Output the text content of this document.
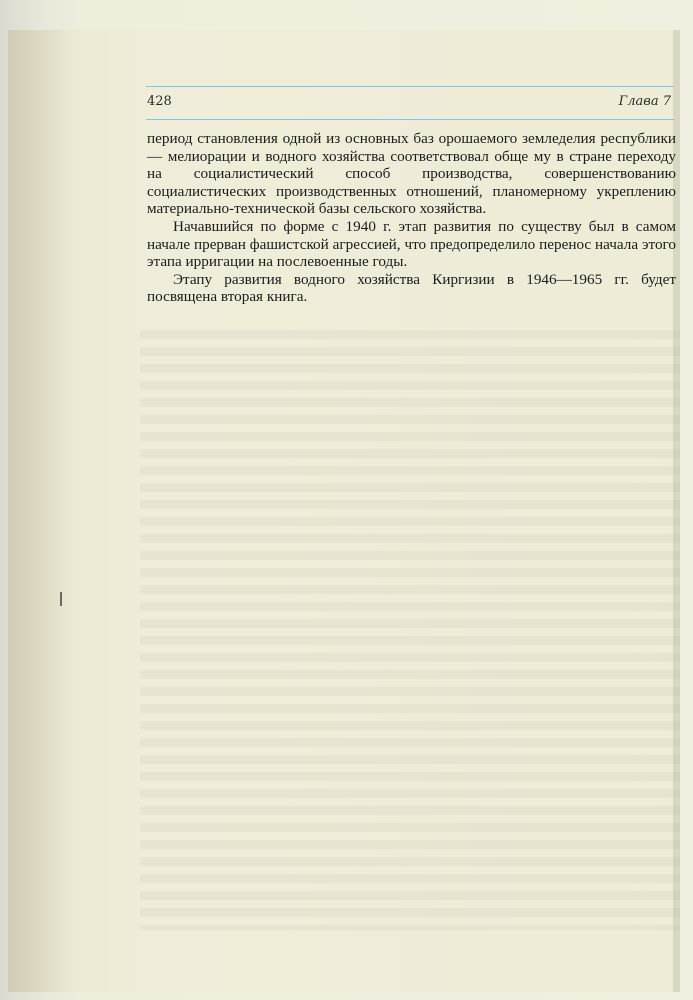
428	Глава 7

период становления одной из основных баз орошаемого земледелия республики — мелиорации и водного хозяйства соответствовал обще му в стране переходу на социалистический способ производства, совершенствованию социалистических производственных отношений, планомерному укреплению материально-технической базы сельского хозяйства.

Начавшийся по форме с 1940 г. этап развития по существу был в самом начале прерван фашистской агрессией, что предопределило перенос начала этого этапа ирригации на послевоенные годы.

Этапу развития водного хозяйства Киргизии в 1946—1965 гг. будет посвящена вторая книга.
